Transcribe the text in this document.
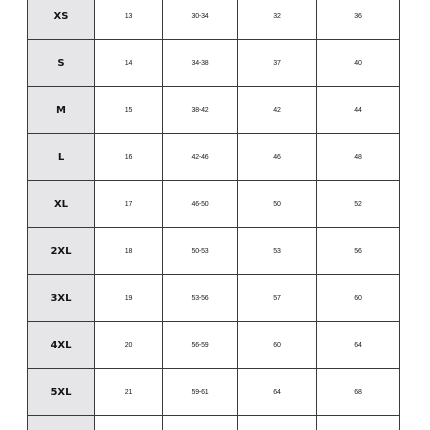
XS	13	30-34	32	36
S	14	34-38	37	40
M	15	38-42	42	44
L	16	42-46	46	48
XL	17	46-50	50	52
2XL	18	50-53	53	56
3XL	19	53-56	57	60
4XL	20	56-59	60	64
5XL	21	59-61	64	68
